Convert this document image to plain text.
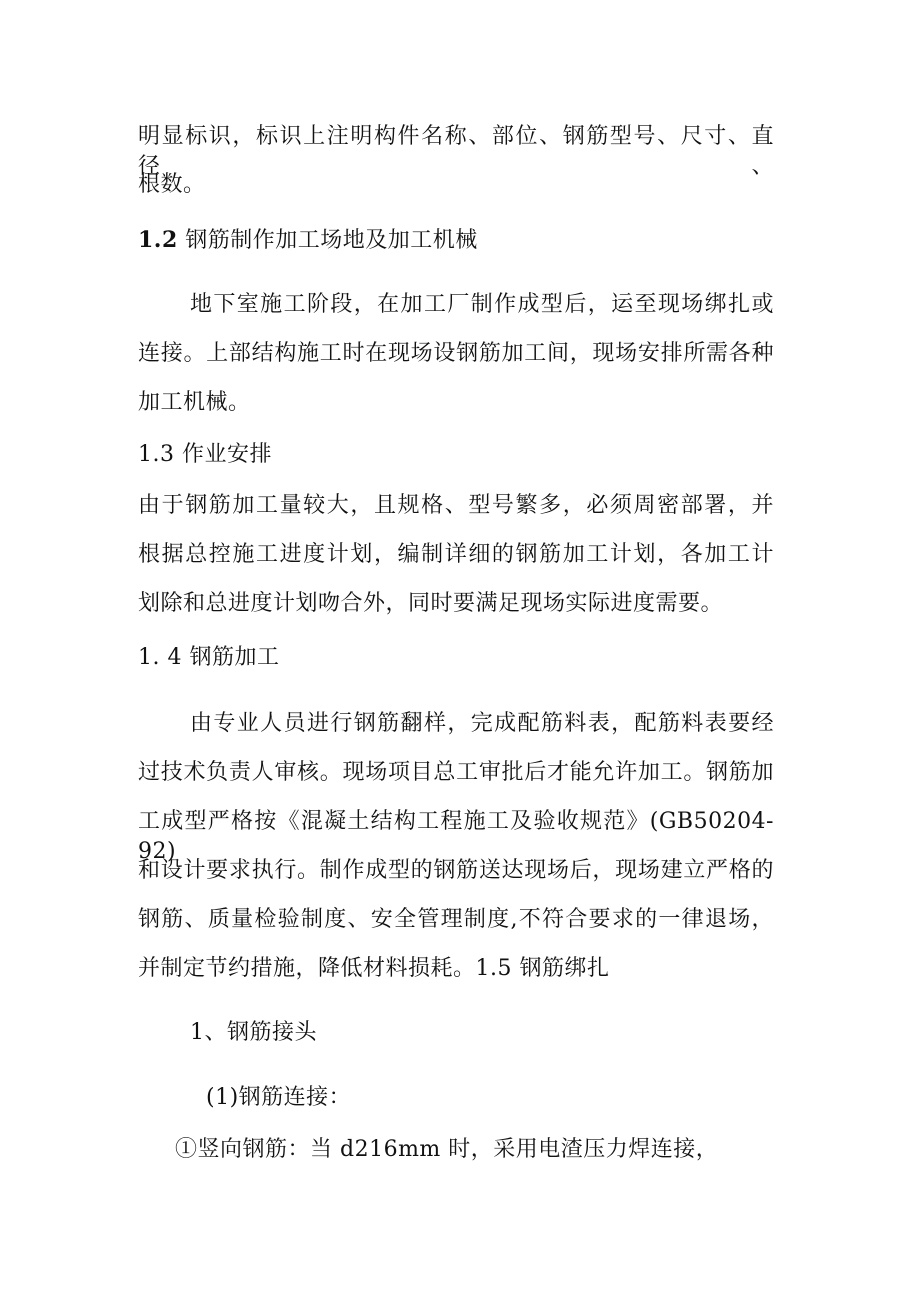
明显标识，标识上注明构件名称、部位、钢筋型号、尺寸、直径、
根数。
1.2 钢筋制作加工场地及加工机械
地下室施工阶段，在加工厂制作成型后，运至现场绑扎或
连接。上部结构施工时在现场设钢筋加工间，现场安排所需各种
加工机械。
1.3 作业安排
由于钢筋加工量较大，且规格、型号繁多，必须周密部署，并
根据总控施工进度计划，编制详细的钢筋加工计划，各加工计
划除和总进度计划吻合外，同时要满足现场实际进度需要。
1. 4 钢筋加工
由专业人员进行钢筋翻样，完成配筋料表，配筋料表要经
过技术负责人审核。现场项目总工审批后才能允许加工。钢筋加
工成型严格按《混凝土结构工程施工及验收规范》(GB50204-92)
和设计要求执行。制作成型的钢筋送达现场后，现场建立严格的
钢筋、质量检验制度、安全管理制度,不符合要求的一律退场，
并制定节约措施，降低材料损耗。1.5 钢筋绑扎
1、钢筋接头
(1)钢筋连接：
①竖向钢筋：当 d216mm 时，采用电渣压力焊连接，
